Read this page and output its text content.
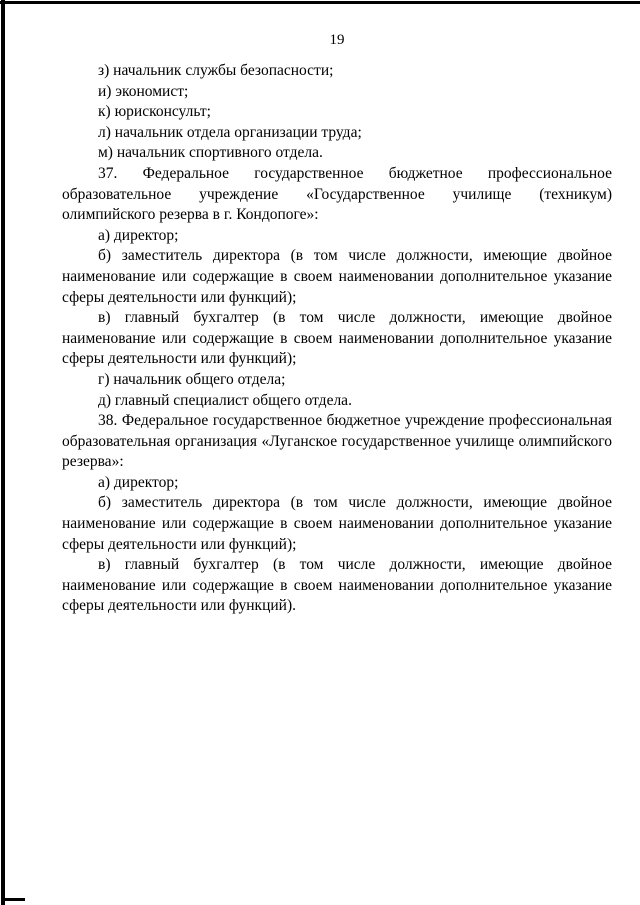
19

з) начальник службы безопасности;

и) экономист;

к) юрисконсульт;

л) начальник отдела организации труда;

м) начальник спортивного отдела.

37. Федеральное государственное бюджетное профессиональное образовательное учреждение «Государственное училище (техникум) олимпийского резерва в г. Кондопоге»:

а) директор;

б) заместитель директора (в том числе должности, имеющие двойное наименование или содержащие в своем наименовании дополнительное указание сферы деятельности или функций);

в) главный бухгалтер (в том числе должности, имеющие двойное наименование или содержащие в своем наименовании дополнительное указание сферы деятельности или функций);

г) начальник общего отдела;

д) главный специалист общего отдела.

38. Федеральное государственное бюджетное учреждение профессиональная образовательная организация «Луганское государственное училище олимпийского резерва»:

а) директор;

б) заместитель директора (в том числе должности, имеющие двойное наименование или содержащие в своем наименовании дополнительное указание сферы деятельности или функций);

в) главный бухгалтер (в том числе должности, имеющие двойное наименование или содержащие в своем наименовании дополнительное указание сферы деятельности или функций).
